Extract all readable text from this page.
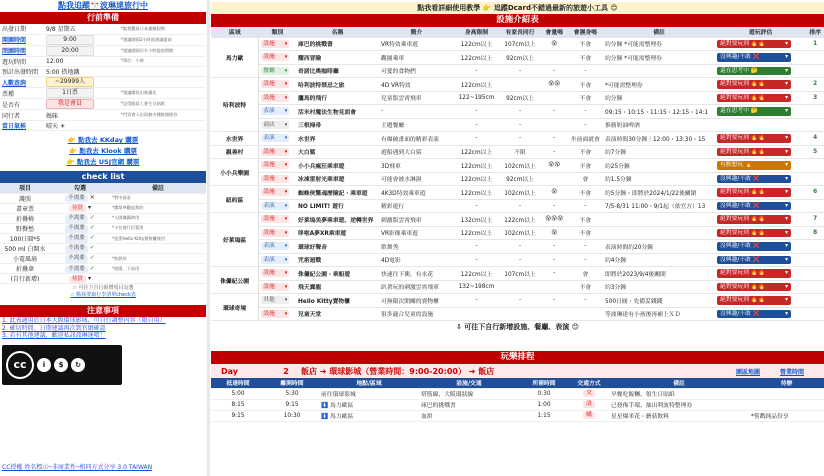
點我追蹤🎌波琳達旅行中
行前準備
出發日期	9/8 星期五	*點我觀看日本連續假期
開園時間	9:00	*建議開園2小時前建議提前
閉園時間	20:00	*建議開園早半小時提前閉館
遊玩時間	12:00	*單位：小時
預計出發時間	5:00 搭地鐵	
人數查詢	~29999人	
票種	1日票	*建議購買出來優先
是否有	我是會員	*記得跟員工會生日貼紙
同行者	媽咪	*門票會入出同無多種餘額理券
當日氣候	晴天 ☀	
👉 點我去 KKday 購票
👉 點我去 Klook 購票
👉 點我去 USJ官網 購票
check list
項目	勾選	備註
護照	不需要 ✕	*對中看看
畫章票	待買 ▾	*購票參觀是我的
折疊椅	不需要 ✓	*入園據講時用
野餐墊	不需要 ✓	*卡位遊行位置用
100日圓*5	不需要 ✓	*扭蛋Hello Kitty賣物櫃使用
500 ml 白開水	不需要 ✓	
小電風扇	不需要 ✓	*防熱用
折疊傘	不需要 ✓	*遮陽、下雨用
(自行新增)	待買 ▾	
☆ 可往下自行新增項目勾選
☆ 點我要取行李清單check表
注意事項

1. 此表適用於日本大阪環球影城，可自行調整內容（限自用）

2. 確切時間、日期建議再次到官網確認

3. 若有其他建議，歡迎私訊波琳達唷！

cc	i	$	↻
BY NC SA
CC授權 姓名標示─非商業性─相同方式分享 3.0 TAIWAN
點我看詳細使用教學 👉 追蹤Dcard不錯過最新的旅遊小工具 😊
設施介紹表
區域	類別	名稱	簡介	身高限制	有家長同行	會量嗎	會濕身嗎	備註	遊玩評估	排序
馬力歐	設施 ▾	庫巴的挑戰書	VR特效乘車遊	122cm以上	107cm以上	😵	不會	約分鐘 *可能需整理券	絕對要玩到 🔥🔥 ▾	1
	設施 ▾	耀西冒險	觀園乘車	122cm以上	92cm以上		不會	約分鐘 *可能需整理券	沒興趣/不敢 ❌ ▾	
	餐廳 ▾	奇諾比奧咖啡廳	可愛的食物們	-	-	-	-		還在思考中 🤔 ▾	
哈利波特	設施 ▾	哈利波特禁忌之旅	4D VR特效	122cm以上		😵😵	不會	*可能需整理券	絕對要玩到 🔥🔥 ▾	2
	設施 ▾	鷹馬的飛行	兒童版雲霄飛車	122~195cm	92cm以上		不會	約分鐘	絕對要玩到 🔥🔥 ▾	3
	表演 ▾	活米村魔法生物見面會	-	-	-	-	-	09:15・10:15・11:15・12:15・14:1	還在思考中 🤔 ▾	
	商店 ▾	三根掃帚	主題餐廳	-	-		-	推薦奶油啤酒		
水世界	表演 ▾	水世界	有爆破畫面的精彩表演	-	-	-	坐前面就會	表演時間30分鐘｜12:00・13:30・15	絕對要玩到 🔥🔥 ▾	4
親善村	設施 ▾	大白鯊	遊船遇到大白鯊	122cm以上	不限	-	不會	約7分鐘	絕對要玩到 🔥🔥 ▾	5
小小兵樂園	設施 ▾	小小兵瘋狂乘車遊	3D飛車	122cm以上	102cm以上	😵😵	不會	約25分鐘	有點想玩 🔥 ▾	
	設施 ▾	冰凍雷射光乘車遊	可能會被水淋濕	122cm以上	92cm以上		會	約1.5分鐘	沒興趣/不敢 ❌ ▾	
紐約區	設施 ▾	蜘蛛俠驚魂歷險記・乘車遊	4K3D特效乘車遊	122cm以上	102cm以上	😵	不會	約5分鐘・即將於2024/1/22後關閉	絕對要玩到 🔥🔥 ▾	6
	表演 ▾	NO LIMIT! 遊行	精彩遊行	-	-	-	-	7/5-8/31 11:00・9/1起（依官方）13	沒興趣/不敢 ❌ ▾	
好萊塢區	設施 ▾	好萊塢美夢乘車遊、逆轉世界	刺激版雲霄飛車	132cm以上	122cm以上	😵😵😵	不會		絕對要玩到 🔥🔥 ▾	7
	設施 ▾	哆啦A夢XR乘車遊	VR影像乘車遊	122cm以上	102cm以上	😵	不會		絕對要玩到 🔥🔥 ▾	8
	表演 ▾	環球好聲音	歌舞秀	-	-	-	-	表演時間約20分鐘	沒興趣/不敢 ❌ ▾	
	表演 ▾	咒術迴戰	4D電影	-	-	-	-	約4分鐘	沒興趣/不敢 ❌ ▾	
侏儸紀公園	設施 ▾	侏儸紀公園・乘船遊	快速往下衝，有水花	122cm以上	107cm以上	-	會	即將於2023/9/4後關閉	絕對要玩到 🔥🔥 ▾	
	設施 ▾	飛天翼龍	趴著玩的刺激雲霄飛車	132~198cm			不會	約3分鐘	絕對要玩到 🔥🔥 ▾	
環球奇境	其他 ▾	Hello Kitty賣物櫃	可無限次開關的賣物櫃	-	-	-	-	500日圓・先備妥錢錢	絕對要玩到 🔥🔥 ▾	
	設施 ▾	兒童天堂	很多適合兒童的設施					等波琳達有小孩後再補上ＸＤ	沒興趣/不敢 ❌ ▾	
⇩ 可往下自行新增設施、餐廳、表演 😊
玩樂排程
Day	2	飯店 ➜ 環球影城（營業時間：9:00-20:00） ➜ 飯店	園區地圖	營業時間
抵達時間	離開時間	地點/區域	設施/交通	所需時間	交通方式	備註	待辦
5:00	5:30	前往環球影城	塔筋線、大阪環狀線	0:30	交	早餐吃飯糰、領生日貼紙	
8:15	9:15	🚺 馬力歐區	庫巴的挑戰書	1:00	設	已發佈手環、抽出利波特整理券	
9:15	10:30	🚺 馬力歐區	血拼	1:15	購	星星爆米花・蘑菇飲料	*嘗戳純品份享
